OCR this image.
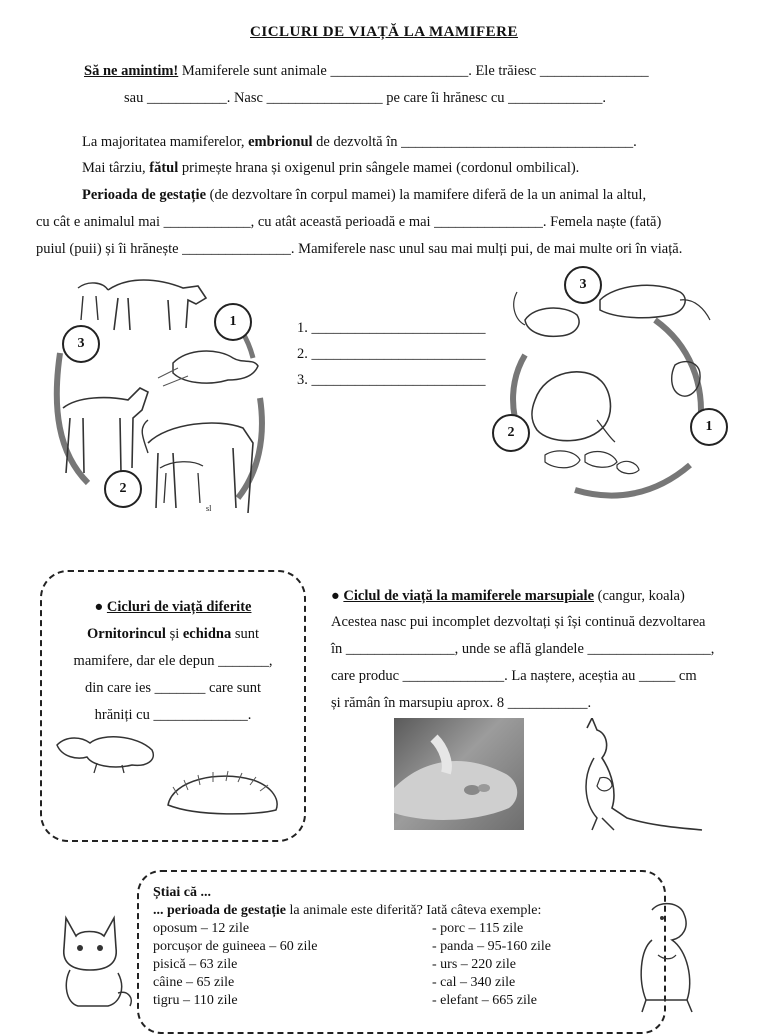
CICLURI DE VIAȚĂ LA MAMIFERE
Să ne amintim! Mamiferele sunt animale ___________________. Ele trăiesc _______________
sau ___________. Nasc ________________ pe care îi hrănesc cu _____________.
La majoritatea mamiferelor, embrionul de dezvoltă în ________________________________.
Mai târziu, fătul primește hrana și oxigenul prin sângele mamei (cordonul ombilical).
Perioada de gestație (de dezvoltare în corpul mamei) la mamifere diferă de la un animal la altul,
cu cât e animalul mai ____________, cu atât această perioadă e mai _______________. Femela naște (fată)
puiul (puii) și îi hrănește _______________. Mamiferele nasc unul sau mai mulți pui, de mai multe ori în viață.
1
3
2
sl
1. ________________________
2. ________________________
3. ________________________
3
1
2
● Cicluri de viață diferite
Ornitorincul și echidna sunt
mamifere, dar ele depun _______,
din care ies _______ care sunt
hrăniți cu _____________.
● Ciclul de viață la mamiferele marsupiale (cangur, koala)
Acestea nasc pui incomplet dezvoltați și își continuă dezvoltarea
în _______________, unde se află glandele _________________,
care produc ______________. La naștere, aceștia au _____ cm
și rămân în marsupiu aprox. 8 ___________.
Știai că ...
... perioada de gestație la animale este diferită? Iată câteva exemple:
oposum – 12 zile
porcușor de guineea – 60 zile
pisică – 63 zile
câine – 65 zile
tigru – 110 zile
- porc – 115 zile
- panda – 95-160 zile
- urs – 220 zile
- cal – 340 zile
- elefant – 665 zile
